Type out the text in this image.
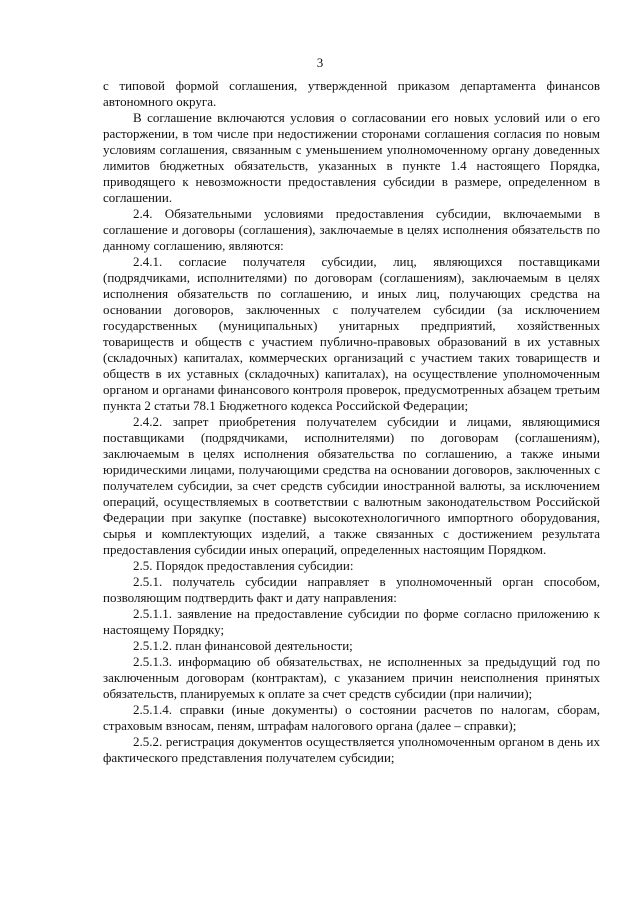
3

с типовой формой соглашения, утвержденной приказом департамента финансов автономного округа.

В соглашение включаются условия о согласовании его новых условий или о его расторжении, в том числе при недостижении сторонами соглашения согласия по новым условиям соглашения, связанным с уменьшением уполномоченному органу доведенных лимитов бюджетных обязательств, указанных в пункте 1.4 настоящего Порядка, приводящего к невозможности предоставления субсидии в размере, определенном в соглашении.

2.4. Обязательными условиями предоставления субсидии, включаемыми в соглашение и договоры (соглашения), заключаемые в целях исполнения обязательств по данному соглашению, являются:

2.4.1. согласие получателя субсидии, лиц, являющихся поставщиками (подрядчиками, исполнителями) по договорам (соглашениям), заключаемым в целях исполнения обязательств по соглашению, и иных лиц, получающих средства на основании договоров, заключенных с получателем субсидии (за исключением государственных (муниципальных) унитарных предприятий, хозяйственных товариществ и обществ с участием публично-правовых образований в их уставных (складочных) капиталах, коммерческих организаций с участием таких товариществ и обществ в их уставных (складочных) капиталах), на осуществление уполномоченным органом и органами финансового контроля проверок, предусмотренных абзацем третьим пункта 2 статьи 78.1 Бюджетного кодекса Российской Федерации;

2.4.2. запрет приобретения получателем субсидии и лицами, являющимися поставщиками (подрядчиками, исполнителями) по договорам (соглашениям), заключаемым в целях исполнения обязательства по соглашению, а также иными юридическими лицами, получающими средства на основании договоров, заключенных с получателем субсидии, за счет средств субсидии иностранной валюты, за исключением операций, осуществляемых в соответствии с валютным законодательством Российской Федерации при закупке (поставке) высокотехнологичного импортного оборудования, сырья и комплектующих изделий, а также связанных с достижением результата предоставления субсидии иных операций, определенных настоящим Порядком.

2.5. Порядок предоставления субсидии:

2.5.1. получатель субсидии направляет в уполномоченный орган способом, позволяющим подтвердить факт и дату направления:

2.5.1.1. заявление на предоставление субсидии по форме согласно приложению к настоящему Порядку;

2.5.1.2. план финансовой деятельности;

2.5.1.3. информацию об обязательствах, не исполненных за предыдущий год по заключенным договорам (контрактам), с указанием причин неисполнения принятых обязательств, планируемых к оплате за счет средств субсидии (при наличии);

2.5.1.4. справки (иные документы) о состоянии расчетов по налогам, сборам, страховым взносам, пеням, штрафам налогового органа (далее – справки);

2.5.2. регистрация документов осуществляется уполномоченным органом в день их фактического представления получателем субсидии;
